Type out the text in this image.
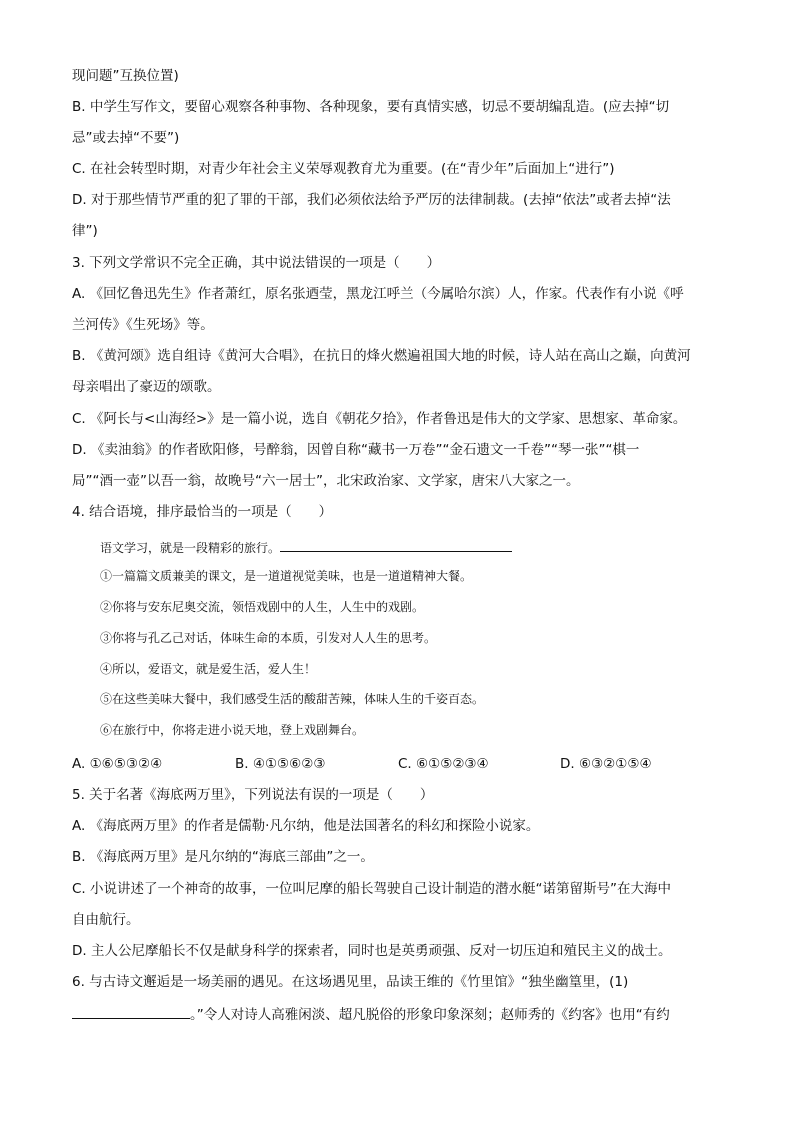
现问题”互换位置)
B. 中学生写作文，要留心观察各种事物、各种现象，要有真情实感，切忌不要胡编乱造。(应去掉“切
忌”或去掉“不要”)
C. 在社会转型时期，对青少年社会主义荣辱观教育尤为重要。(在“青少年”后面加上“进行”)
D. 对于那些情节严重的犯了罪的干部，我们必须依法给予严厉的法律制裁。(去掉“依法”或者去掉“法
律”)
3. 下列文学常识不完全正确，其中说法错误的一项是（　　）
A. 《回忆鲁迅先生》作者萧红，原名张迺莹，黑龙江呼兰（今属哈尔滨）人，作家。代表作有小说《呼
兰河传》《生死场》等。
B. 《黄河颂》选自组诗《黄河大合唱》，在抗日的烽火燃遍祖国大地的时候，诗人站在高山之巅，向黄河
母亲唱出了豪迈的颂歌。
C. 《阿长与<山海经>》是一篇小说，选自《朝花夕拾》，作者鲁迅是伟大的文学家、思想家、革命家。
D. 《卖油翁》的作者欧阳修，号醉翁，因曾自称“藏书一万卷”“金石遗文一千卷”“琴一张”“棋一
局”“酒一壶”以吾一翁，故晚号“六一居士”，北宋政治家、文学家，唐宋八大家之一。
4. 结合语境，排序最恰当的一项是（　　）
语文学习，就是一段精彩的旅行。
①一篇篇文质兼美的课文，是一道道视觉美味，也是一道道精神大餐。
②你将与安东尼奥交流，领悟戏剧中的人生，人生中的戏剧。
③你将与孔乙己对话，体味生命的本质，引发对人人生的思考。
④所以，爱语文，就是爱生活，爱人生！
⑤在这些美味大餐中，我们感受生活的酸甜苦辣，体味人生的千姿百态。
⑥在旅行中，你将走进小说天地，登上戏剧舞台。
A. ①⑥⑤③②④	B. ④①⑤⑥②③	C. ⑥①⑤②③④	D. ⑥③②①⑤④
5. 关于名著《海底两万里》，下列说法有误的一项是（　　）
A. 《海底两万里》的作者是儒勒·凡尔纳，他是法国著名的科幻和探险小说家。
B. 《海底两万里》是凡尔纳的“海底三部曲”之一。
C. 小说讲述了一个神奇的故事，一位叫尼摩的船长驾驶自己设计制造的潜水艇“诺第留斯号”在大海中
自由航行。
D. 主人公尼摩船长不仅是献身科学的探索者，同时也是英勇顽强、反对一切压迫和殖民主义的战士。
6. 与古诗文邂逅是一场美丽的遇见。在这场遇见里，品读王维的《竹里馆》“独坐幽篁里，(1)
。”令人对诗人高雅闲淡、超凡脱俗的形象印象深刻；赵师秀的《约客》也用“有约
